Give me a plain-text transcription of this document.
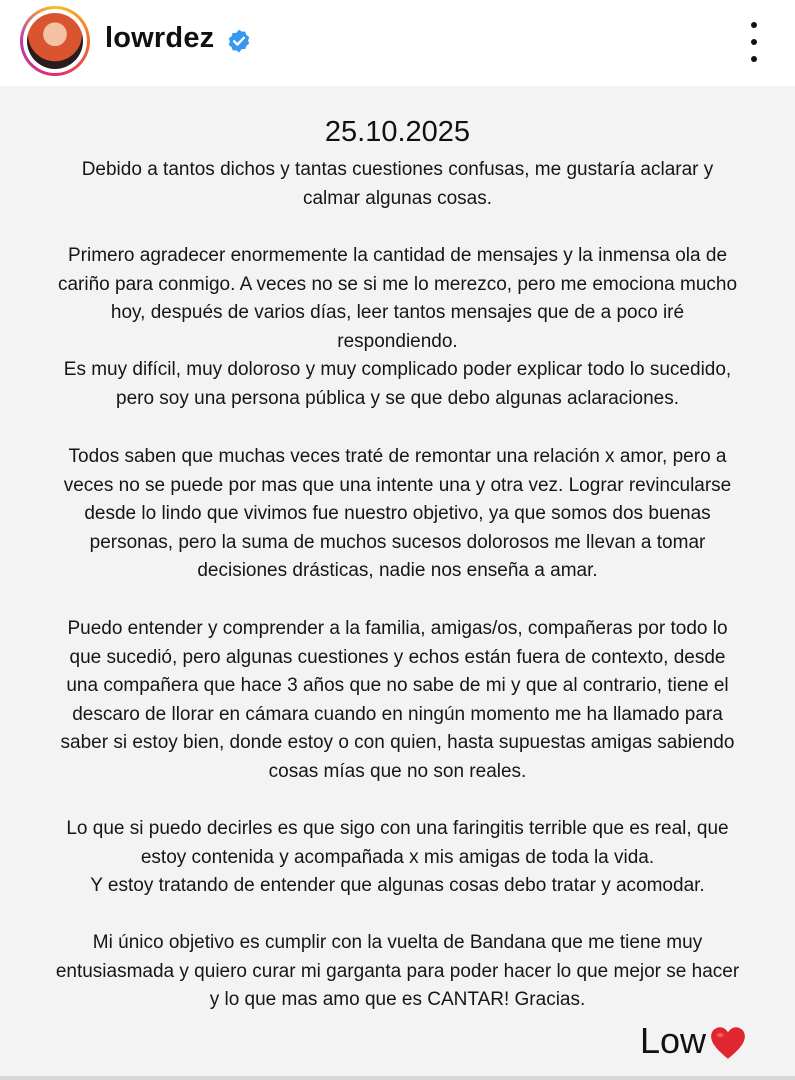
lowrdez
25.10.2025
Debido a tantos dichos y tantas cuestiones confusas, me gustaría aclarar y
calmar algunas cosas.
Primero agradecer enormemente la cantidad de mensajes y la inmensa ola de
cariño para conmigo. A veces no se si me lo merezco, pero me emociona mucho
hoy, después de varios días, leer tantos mensajes que de a poco iré
respondiendo.
Es muy difícil, muy doloroso y muy complicado poder explicar todo lo sucedido,
pero soy una persona pública y se que debo algunas aclaraciones.
Todos saben que muchas veces traté de remontar una relación x amor, pero a
veces no se puede por mas que una intente una y otra vez. Lograr revincularse
desde lo lindo que vivimos fue nuestro objetivo, ya que somos dos buenas
personas, pero la suma de muchos sucesos dolorosos me llevan a tomar
decisiones drásticas, nadie nos enseña a amar.
Puedo entender y comprender a la familia, amigas/os, compañeras por todo lo
que sucedió, pero algunas cuestiones y echos están fuera de contexto, desde
una compañera que hace 3 años que no sabe de mi y que al contrario, tiene el
descaro de llorar en cámara cuando en ningún momento me ha llamado para
saber si estoy bien, donde estoy o con quien, hasta supuestas amigas sabiendo
cosas mías que no son reales.
Lo que si puedo decirles es que sigo con una faringitis terrible que es real, que
estoy contenida y acompañada x mis amigas de toda la vida.
Y estoy tratando de entender que algunas cosas debo tratar y acomodar.
Mi único objetivo es cumplir con la vuelta de Bandana que me tiene muy
entusiasmada y quiero curar mi garganta para poder hacer lo que mejor se hacer
y lo que mas amo que es CANTAR! Gracias.
Low
